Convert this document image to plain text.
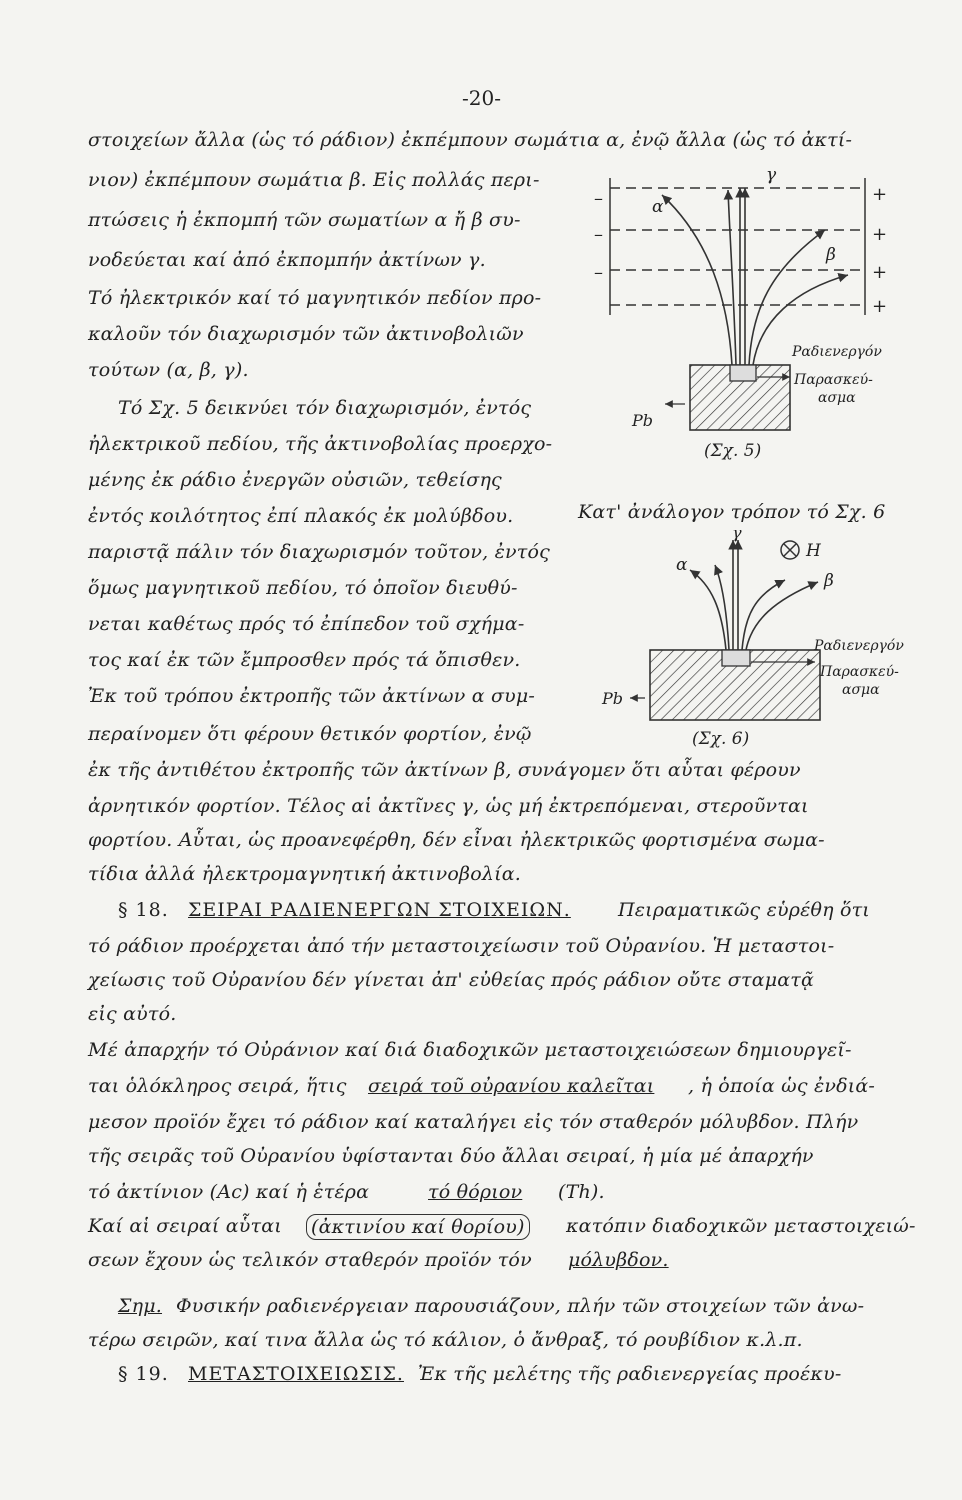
-20-
στοιχείων ἄλλα (ὡς τό ράδιον) ἐκπέμπουν σωμάτια α, ἐνῷ ἄλλα (ὡς τό ἀκτί-
νιον) ἐκπέμπουν σωμάτια β. Εἰς πολλάς περι-
πτώσεις ἡ ἐκπομπή τῶν σωματίων α ἤ β συ-
νοδεύεται καί ἀπό ἐκπομπήν ἀκτίνων γ.
Τό ἠλεκτρικόν καί τό μαγνητικόν πεδίον προ-
καλοῦν τόν διαχωρισμόν τῶν ἀκτινοβολιῶν
τούτων (α, β, γ).
Τό Σχ. 5 δεικνύει τόν διαχωρισμόν, ἐντός
ἠλεκτρικοῦ πεδίου, τῆς ἀκτινοβολίας προερχο-
μένης ἐκ ράδιο ἐνεργῶν οὐσιῶν, τεθείσης
ἐντός κοιλότητος ἐπί πλακός ἐκ μολύβδου.	Κατ' ἀνάλογον τρόπον τό Σχ. 6
παριστᾷ πάλιν τόν διαχωρισμόν τοῦτον, ἐντός
ὅμως μαγνητικοῦ πεδίου, τό ὁποῖον διευθύ-
νεται καθέτως πρός τό ἐπίπεδον τοῦ σχήμα-
τος καί ἐκ τῶν ἔμπροσθεν πρός τά ὄπισθεν.
Ἐκ τοῦ τρόπου ἐκτροπῆς τῶν ἀκτίνων α συμ-
περαίνομεν ὅτι φέρουν θετικόν φορτίον, ἐνῷ
ἐκ τῆς ἀντιθέτου ἐκτροπῆς τῶν ἀκτίνων β, συνάγομεν ὅτι αὗται φέρουν
ἀρνητικόν φορτίον. Τέλος αἱ ἀκτῖνες γ, ὡς μή ἐκτρεπόμεναι, στεροῦνται
φορτίου. Αὗται, ὡς προανεφέρθη, δέν εἶναι ἠλεκτρικῶς φορτισμένα σωμα-
τίδια ἀλλά ἠλεκτρομαγνητική ἀκτινοβολία.
§ 18. ΣΕΙΡΑΙ ΡΑΔΙΕΝΕΡΓΩΝ ΣΤΟΙΧΕΙΩΝ. Πειραματικῶς εὑρέθη ὅτι
τό ράδιον προέρχεται ἀπό τήν μεταστοιχείωσιν τοῦ Οὐρανίου. Ἡ μεταστοι-
χείωσις τοῦ Οὐρανίου δέν γίνεται ἀπ' εὐθείας πρός ράδιον οὔτε σταματᾷ
εἰς αὐτό.
Μέ ἀπαρχήν τό Οὐράνιον καί διά διαδοχικῶν μεταστοιχειώσεων δημιουργεῖ-
ται ὁλόκληρος σειρά, ἥτις σειρά τοῦ οὐρανίου καλεῖται , ἡ ὁποία ὡς ἐνδιά-
μεσον προϊόν ἔχει τό ράδιον καί καταλήγει εἰς τόν σταθερόν μόλυβδον. Πλήν
τῆς σειρᾶς τοῦ Οὐρανίου ὑφίστανται δύο ἄλλαι σειραί, ἡ μία μέ ἀπαρχήν
τό ἀκτίνιον (Ac) καί ἡ ἑτέρα	τό θόριον (Th).
Καί αἱ σειραί αὗται (ἀκτινίου καί θορίου) κατόπιν διαδοχικῶν μεταστοιχειώ-
σεων ἔχουν ὡς τελικόν σταθερόν προϊόν τόν μόλυβδον.
Σημ. Φυσικήν ραδιενέργειαν παρουσιάζουν, πλήν τῶν στοιχείων τῶν ἀνω-
τέρω σειρῶν, καί τινα ἄλλα ὡς τό κάλιον, ὁ ἄνθραξ, τό ρουβίδιον κ.λ.π.
§ 19. ΜΕΤΑΣΤΟΙΧΕΙΩΣΙΣ. Ἐκ τῆς μελέτης τῆς ραδιενεργείας προέκυ-
–
–
–
+
+
+
+
γ
α
β
Ραδιενεργόν
Παρασκεύ-
ασμα
Pb
(Σχ. 5)
γ
α
β
H
Ραδιενεργόν
Παρασκεύ-
ασμα
Pb
(Σχ. 6)
